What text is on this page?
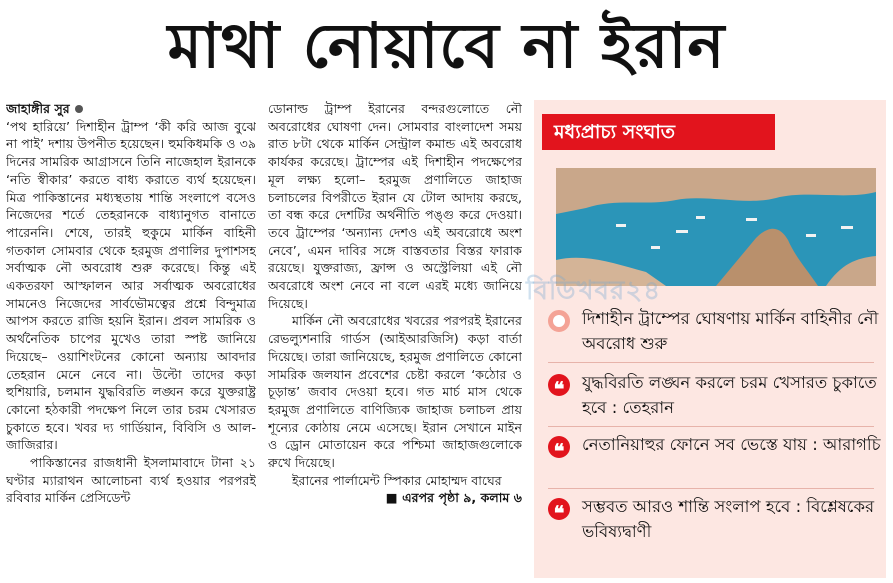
মাথা নোয়াবে না ইরান
জাহাঙ্গীর সুর

‘পথ হারিয়ে’ দিশাহীন ট্রাম্প ‘কী করি আজ বুঝে না পাই’ দশায় উপনীত হয়েছেন। হুমকিধমকি ও ৩৯ দিনের সামরিক আগ্রাসনে তিনি নাজেহাল ইরানকে ‘নতি স্বীকার’ করতে বাধ্য করাতে ব্যর্থ হয়েছেন। মিত্র পাকিস্তানের মধ্যস্থতায় শান্তি সংলাপে বসেও নিজেদের শর্তে তেহরানকে বাধ্যানুগত বানাতে পারেননি। শেষে, তারই হুকুমে মার্কিন বাহিনী গতকাল সোমবার থেকে হরমুজ প্রণালির দুপাশসহ সর্বাত্মক নৌ অবরোধ শুরু করেছে। কিন্তু এই একতরফা আস্ফালন আর সর্বাত্মক অবরোধের সামনেও নিজেদের সার্বভৌমত্বের প্রশ্নে বিন্দুমাত্র আপস করতে রাজি হয়নি ইরান। প্রবল সামরিক ও অর্থনৈতিক চাপের মুখেও তারা স্পষ্ট জানিয়ে দিয়েছে– ওয়াশিংটনের কোনো অন্যায় আবদার তেহরান মেনে নেবে না। উল্টো তাদের কড়া হুশিয়ারি, চলমান যুদ্ধবিরতি লঙ্ঘন করে যুক্তরাষ্ট্র কোনো হঠকারী পদক্ষেপ নিলে তার চরম খেসারত চুকাতে হবে। খবর দ্য গার্ডিয়ান, বিবিসি ও আল-জাজিরার।

পাকিস্তানের রাজধানী ইসলামাবাদে টানা ২১ ঘণ্টার ম্যারাথন আলোচনা ব্যর্থ হওয়ার পরপরই রবিবার মার্কিন প্রেসিডেন্ট

ডোনাল্ড ট্রাম্প ইরানের বন্দরগুলোতে নৌ অবরোধের ঘোষণা দেন। সোমবার বাংলাদেশ সময় রাত ৮টা থেকে মার্কিন সেন্ট্রাল কমান্ড এই অবরোধ কার্যকর করেছে। ট্রাম্পের এই দিশাহীন পদক্ষেপের মূল লক্ষ্য হলো– হরমুজ প্রণালিতে জাহাজ চলাচলের বিপরীতে ইরান যে টোল আদায় করছে, তা বন্ধ করে দেশটির অর্থনীতি পঙ্গু করে দেওয়া। তবে ট্রাম্পের ‘অন্যান্য দেশও এই অবরোধে অংশ নেবে’, এমন দাবির সঙ্গে বাস্তবতার বিস্তর ফারাক রয়েছে। যুক্তরাজ্য, ফ্রান্স ও অস্ট্রেলিয়া এই নৌ অবরোধে অংশ নেবে না বলে এরই মধ্যে জানিয়ে দিয়েছে।

মার্কিন নৌ অবরোধের খবরের পরপরই ইরানের রেভল্যুশনারি গার্ডস (আইআরজিসি) কড়া বার্তা দিয়েছে। তারা জানিয়েছে, হরমুজ প্রণালিতে কোনো সামরিক জলযান প্রবেশের চেষ্টা করলে ‘কঠোর ও চূড়ান্ত’ জবাব দেওয়া হবে। গত মার্চ মাস থেকে হরমুজ প্রণালিতে বাণিজ্যিক জাহাজ চলাচল প্রায় শূন্যের কোঠায় নেমে এসেছে। ইরান সেখানে মাইন ও ড্রোন মোতায়েন করে পশ্চিমা জাহাজগুলোকে রুখে দিয়েছে।

ইরানের পার্লামেন্ট স্পিকার মোহাম্মদ বাঘের

■ এরপর পৃষ্ঠা ৯, কলাম ৬
মধ্যপ্রাচ্য সংঘাত
বিডিখবর২৪
দিশাহীন ট্রাম্পের ঘোষণায় মার্কিন বাহিনীর নৌ অবরোধ শুরু
❝	যুদ্ধবিরতি লঙ্ঘন করলে চরম খেসারত চুকাতে হবে : তেহরান
❝	নেতানিয়াহুর ফোনে সব ভেস্তে যায় : আরাগচি
❝	সম্ভবত আরও শান্তি সংলাপ হবে : বিশ্লেষকের ভবিষ্যদ্বাণী
